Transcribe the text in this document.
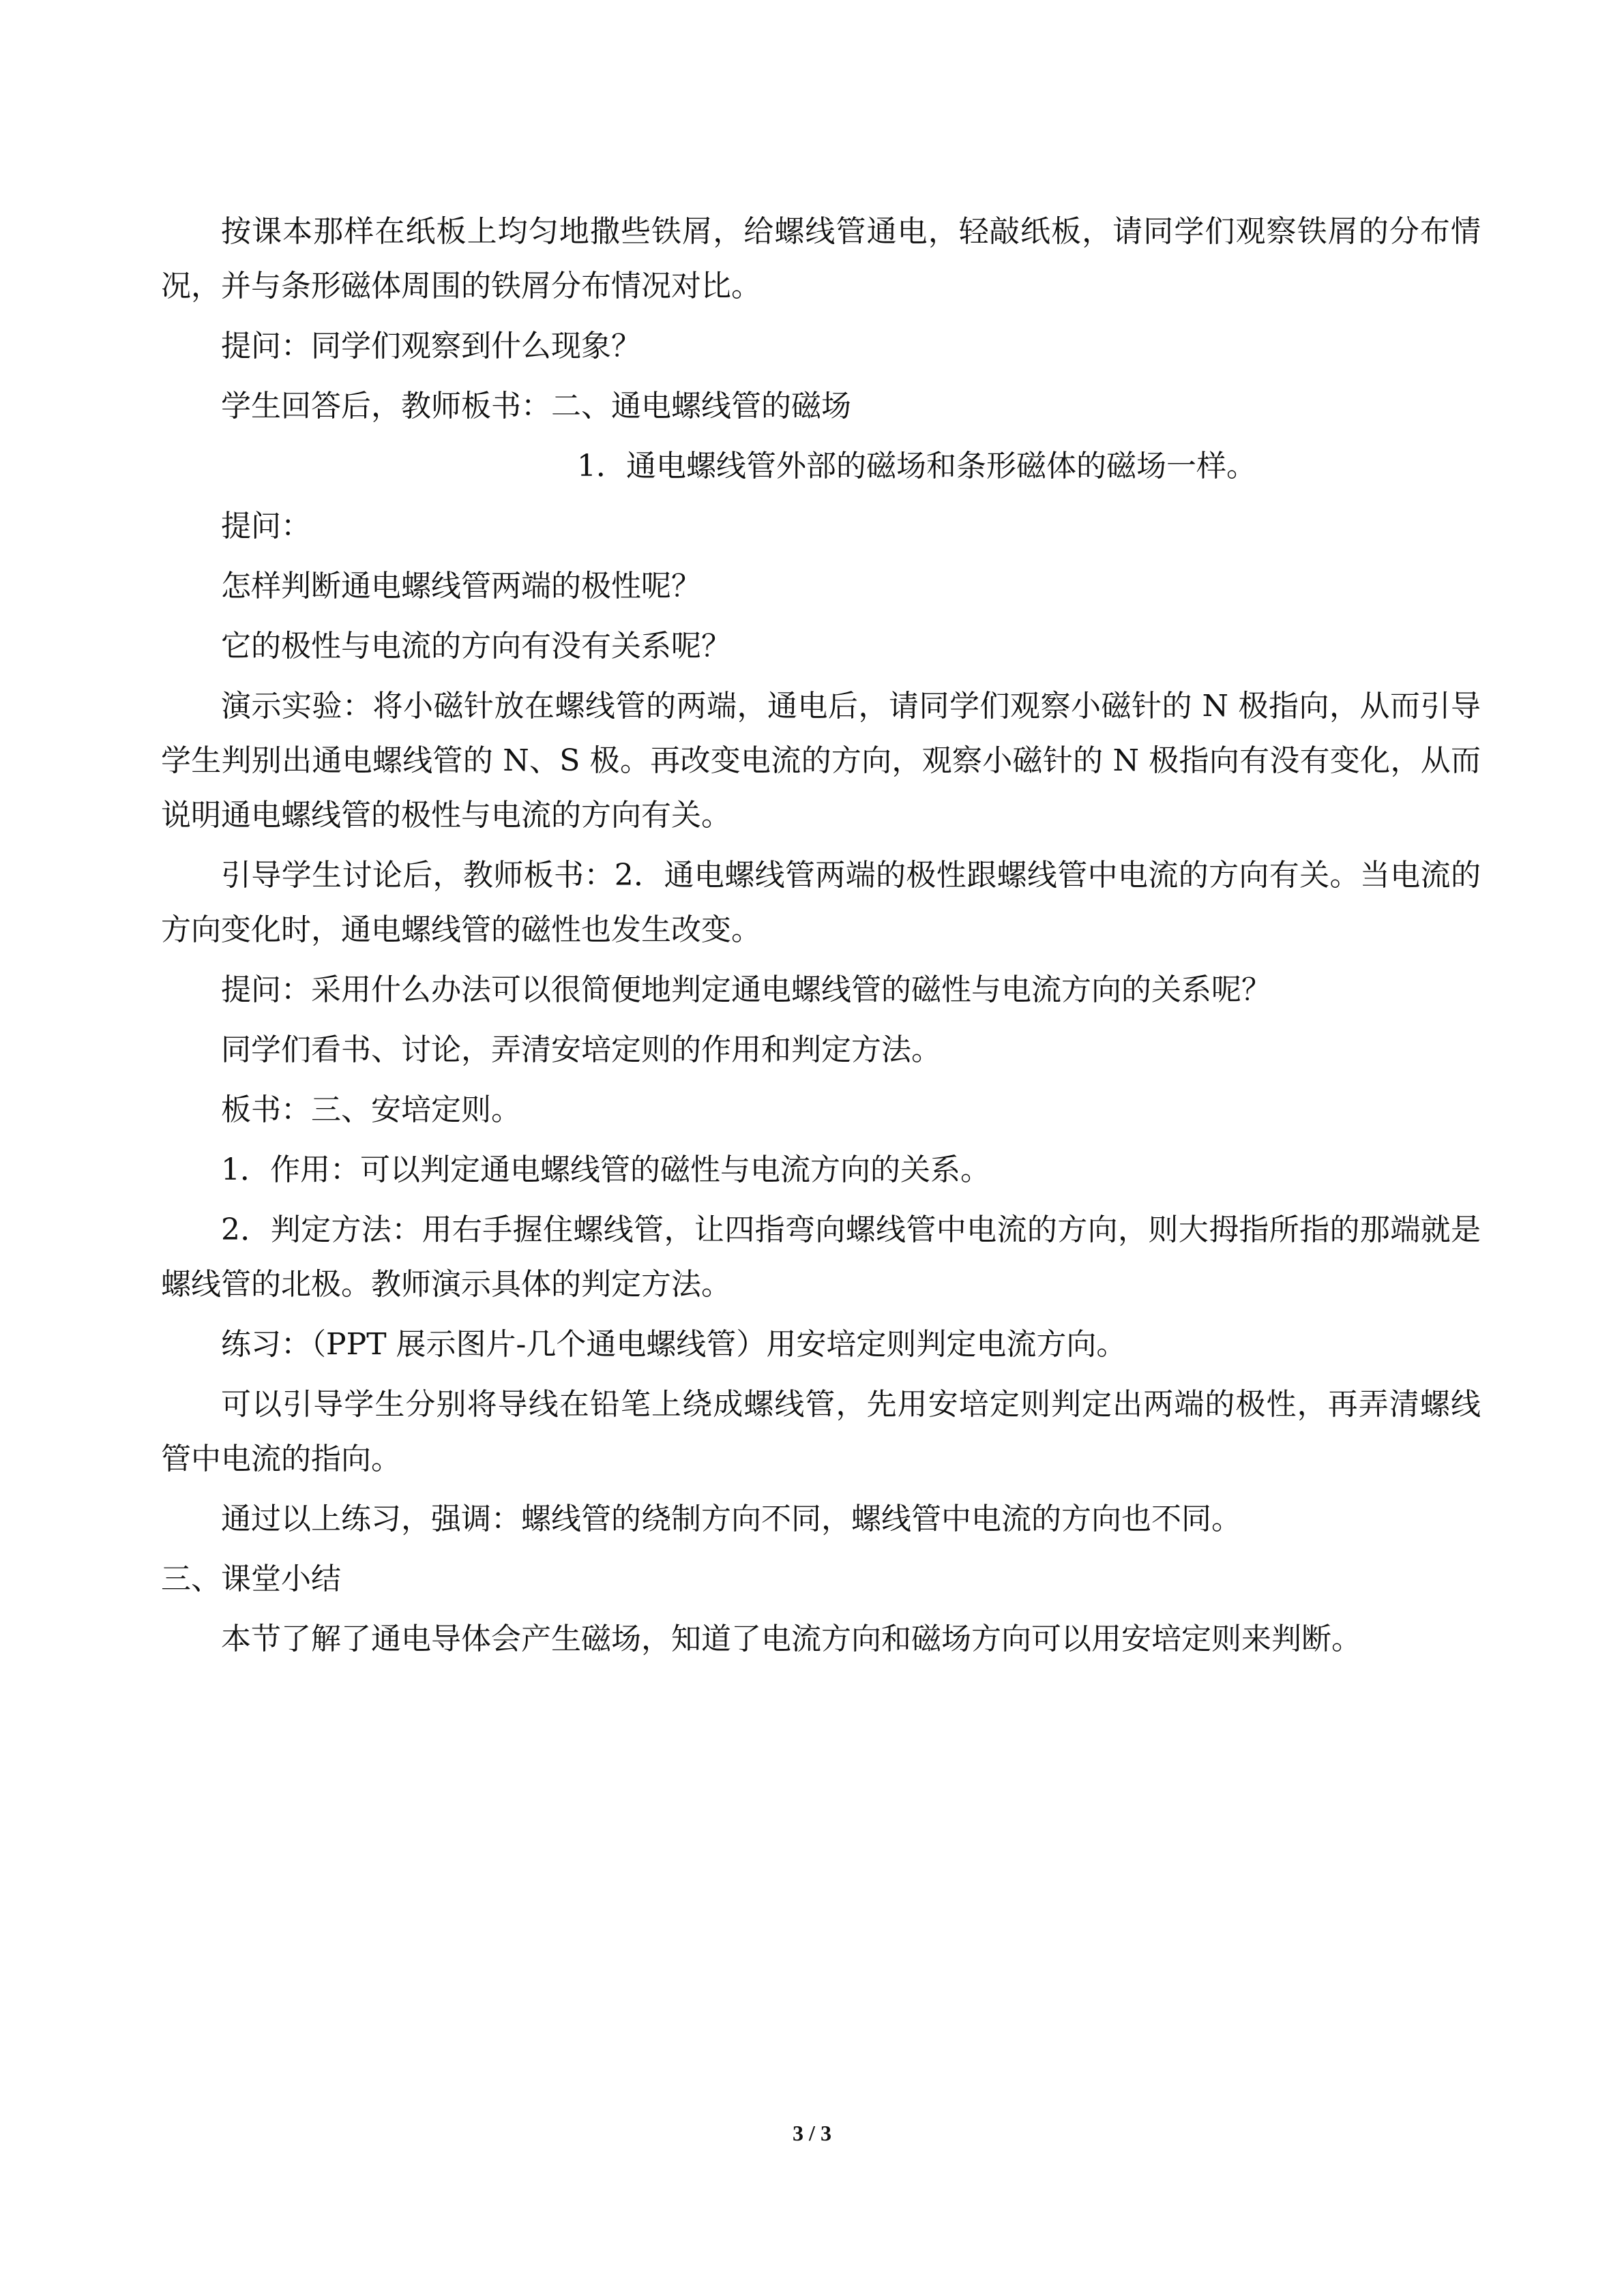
按课本那样在纸板上均匀地撒些铁屑，给螺线管通电，轻敲纸板，请同学们观察铁屑的分布情况，并与条形磁体周围的铁屑分布情况对比。

提问：同学们观察到什么现象？

学生回答后，教师板书：二、通电螺线管的磁场

1．通电螺线管外部的磁场和条形磁体的磁场一样。

提问：

怎样判断通电螺线管两端的极性呢？

它的极性与电流的方向有没有关系呢？

演示实验：将小磁针放在螺线管的两端，通电后，请同学们观察小磁针的 N 极指向，从而引导学生判别出通电螺线管的 N、S 极。再改变电流的方向，观察小磁针的 N 极指向有没有变化，从而说明通电螺线管的极性与电流的方向有关。

引导学生讨论后，教师板书：2．通电螺线管两端的极性跟螺线管中电流的方向有关。当电流的方向变化时，通电螺线管的磁性也发生改变。

提问：采用什么办法可以很简便地判定通电螺线管的磁性与电流方向的关系呢？

同学们看书、讨论，弄清安培定则的作用和判定方法。

板书：三、安培定则。

1．作用：可以判定通电螺线管的磁性与电流方向的关系。

2．判定方法：用右手握住螺线管，让四指弯向螺线管中电流的方向，则大拇指所指的那端就是螺线管的北极。教师演示具体的判定方法。

练习：（PPT 展示图片-几个通电螺线管）用安培定则判定电流方向。

可以引导学生分别将导线在铅笔上绕成螺线管，先用安培定则判定出两端的极性，再弄清螺线管中电流的指向。

通过以上练习，强调：螺线管的绕制方向不同，螺线管中电流的方向也不同。

三、课堂小结

本节了解了通电导体会产生磁场，知道了电流方向和磁场方向可以用安培定则来判断。

3 / 3
